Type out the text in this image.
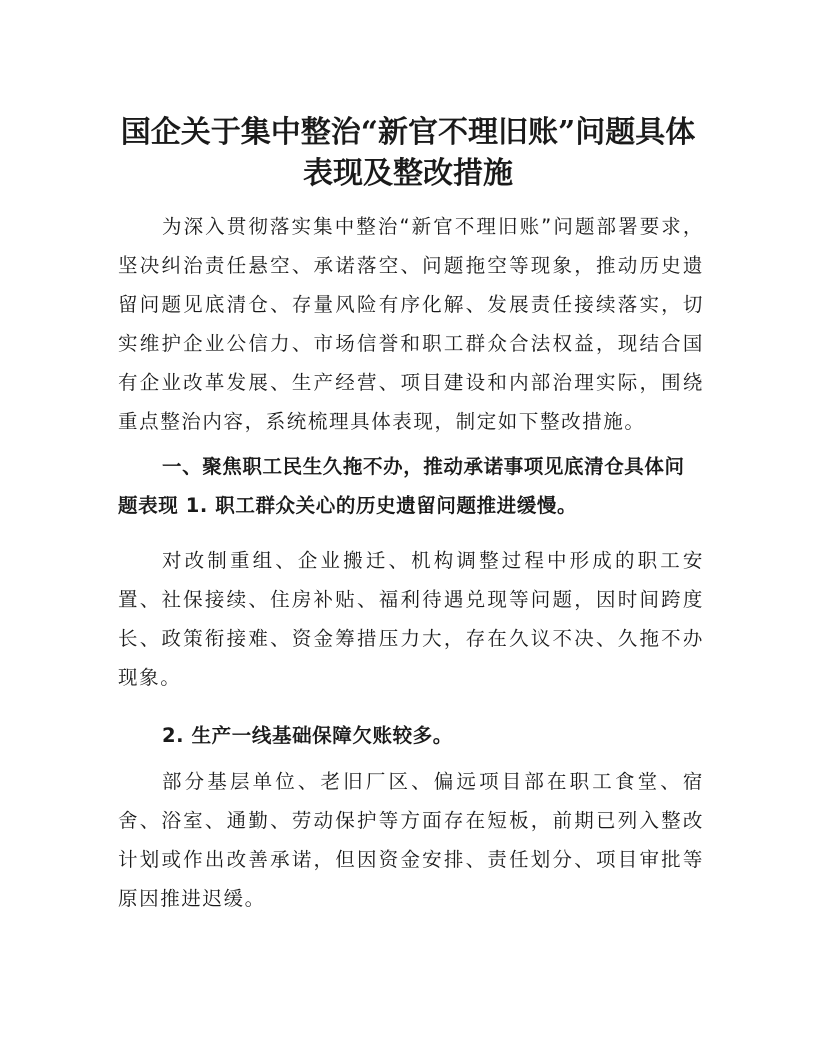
国企关于集中整治“新官不理旧账”问题具体表现及整改措施

为深入贯彻落实集中整治“新官不理旧账”问题部署要求，坚决纠治责任悬空、承诺落空、问题拖空等现象，推动历史遗留问题见底清仓、存量风险有序化解、发展责任接续落实，切实维护企业公信力、市场信誉和职工群众合法权益，现结合国有企业改革发展、生产经营、项目建设和内部治理实际，围绕重点整治内容，系统梳理具体表现，制定如下整改措施。

一、聚焦职工民生久拖不办，推动承诺事项见底清仓具体问题表现 1. 职工群众关心的历史遗留问题推进缓慢。

对改制重组、企业搬迁、机构调整过程中形成的职工安置、社保接续、住房补贴、福利待遇兑现等问题，因时间跨度长、政策衔接难、资金筹措压力大，存在久议不决、久拖不办现象。

2. 生产一线基础保障欠账较多。

部分基层单位、老旧厂区、偏远项目部在职工食堂、宿舍、浴室、通勤、劳动保护等方面存在短板，前期已列入整改计划或作出改善承诺，但因资金安排、责任划分、项目审批等原因推进迟缓。
